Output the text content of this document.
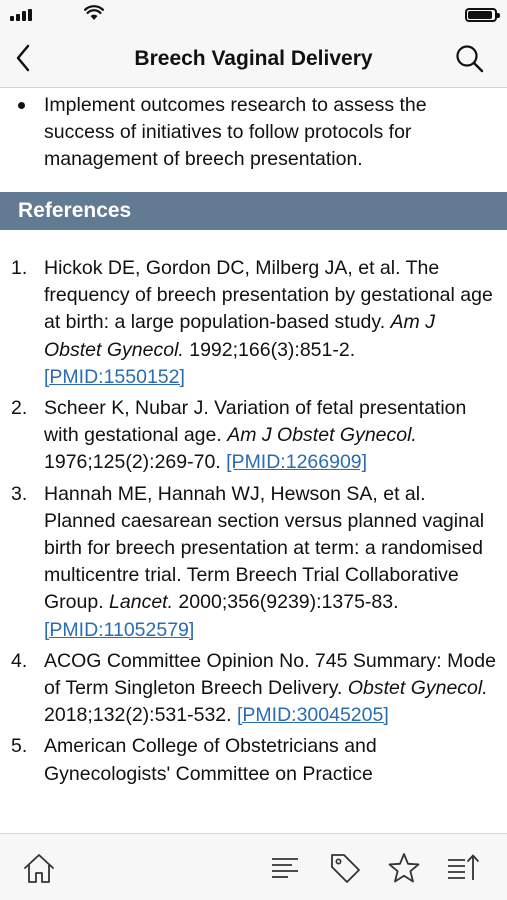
Breech Vaginal Delivery
Implement outcomes research to assess the success of initiatives to follow protocols for management of breech presentation.
References
1. Hickok DE, Gordon DC, Milberg JA, et al. The frequency of breech presentation by gestational age at birth: a large population-based study. Am J Obstet Gynecol. 1992;166(3):851-2. [PMID:1550152]
2. Scheer K, Nubar J. Variation of fetal presentation with gestational age. Am J Obstet Gynecol. 1976;125(2):269-70. [PMID:1266909]
3. Hannah ME, Hannah WJ, Hewson SA, et al. Planned caesarean section versus planned vaginal birth for breech presentation at term: a randomised multicentre trial. Term Breech Trial Collaborative Group. Lancet. 2000;356(9239):1375-83. [PMID:11052579]
4. ACOG Committee Opinion No. 745 Summary: Mode of Term Singleton Breech Delivery. Obstet Gynecol. 2018;132(2):531-532. [PMID:30045205]
5. American College of Obstetricians and Gynecologists' Committee on Practice
